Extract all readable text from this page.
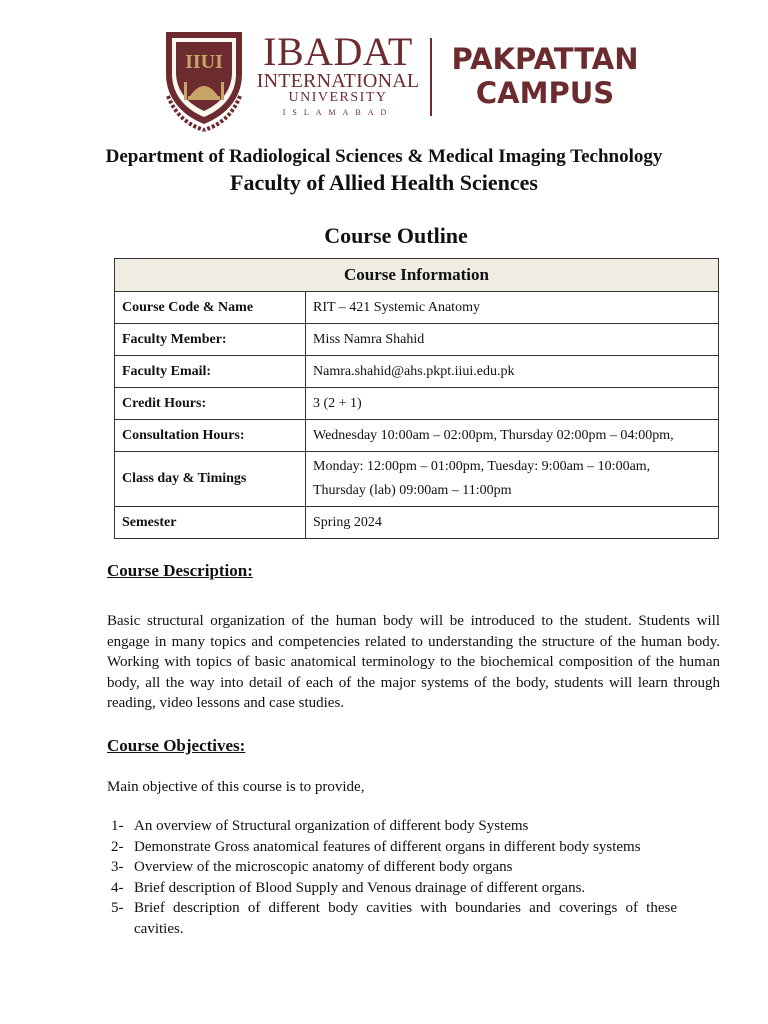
IIUI	IBADAT
INTERNATIONAL
UNIVERSITY
ISLAMABAD
PAKPATTAN
CAMPUS
Department of Radiological Sciences & Medical Imaging Technology
Faculty of Allied Health Sciences
Course Outline
Course Information	
Course Code & Name	RIT – 421 Systemic Anatomy
Faculty Member:	Miss Namra Shahid
Faculty Email:	Namra.shahid@ahs.pkpt.iiui.edu.pk
Credit Hours:	3 (2 + 1)
Consultation Hours:	Wednesday 10:00am – 02:00pm, Thursday 02:00pm – 04:00pm,
Class day & Timings	Monday: 12:00pm – 01:00pm, Tuesday: 9:00am – 10:00am,
Thursday (lab) 09:00am – 11:00pm

Semester	Spring 2024
Course Description:
Basic structural organization of the human body will be introduced to the student. Students will engage in many topics and competencies related to understanding the structure of the human body. Working with topics of basic anatomical terminology to the biochemical composition of the human body, all the way into detail of each of the major systems of the body, students will learn through reading, video lessons and case studies.
Course Objectives:
Main objective of this course is to provide,
1- An overview of Structural organization of different body Systems
2- Demonstrate Gross anatomical features of different organs in different body systems
3- Overview of the microscopic anatomy of different body organs
4- Brief description of Blood Supply and Venous drainage of different organs.
5- Brief description of different body cavities with boundaries and coverings of these cavities.
